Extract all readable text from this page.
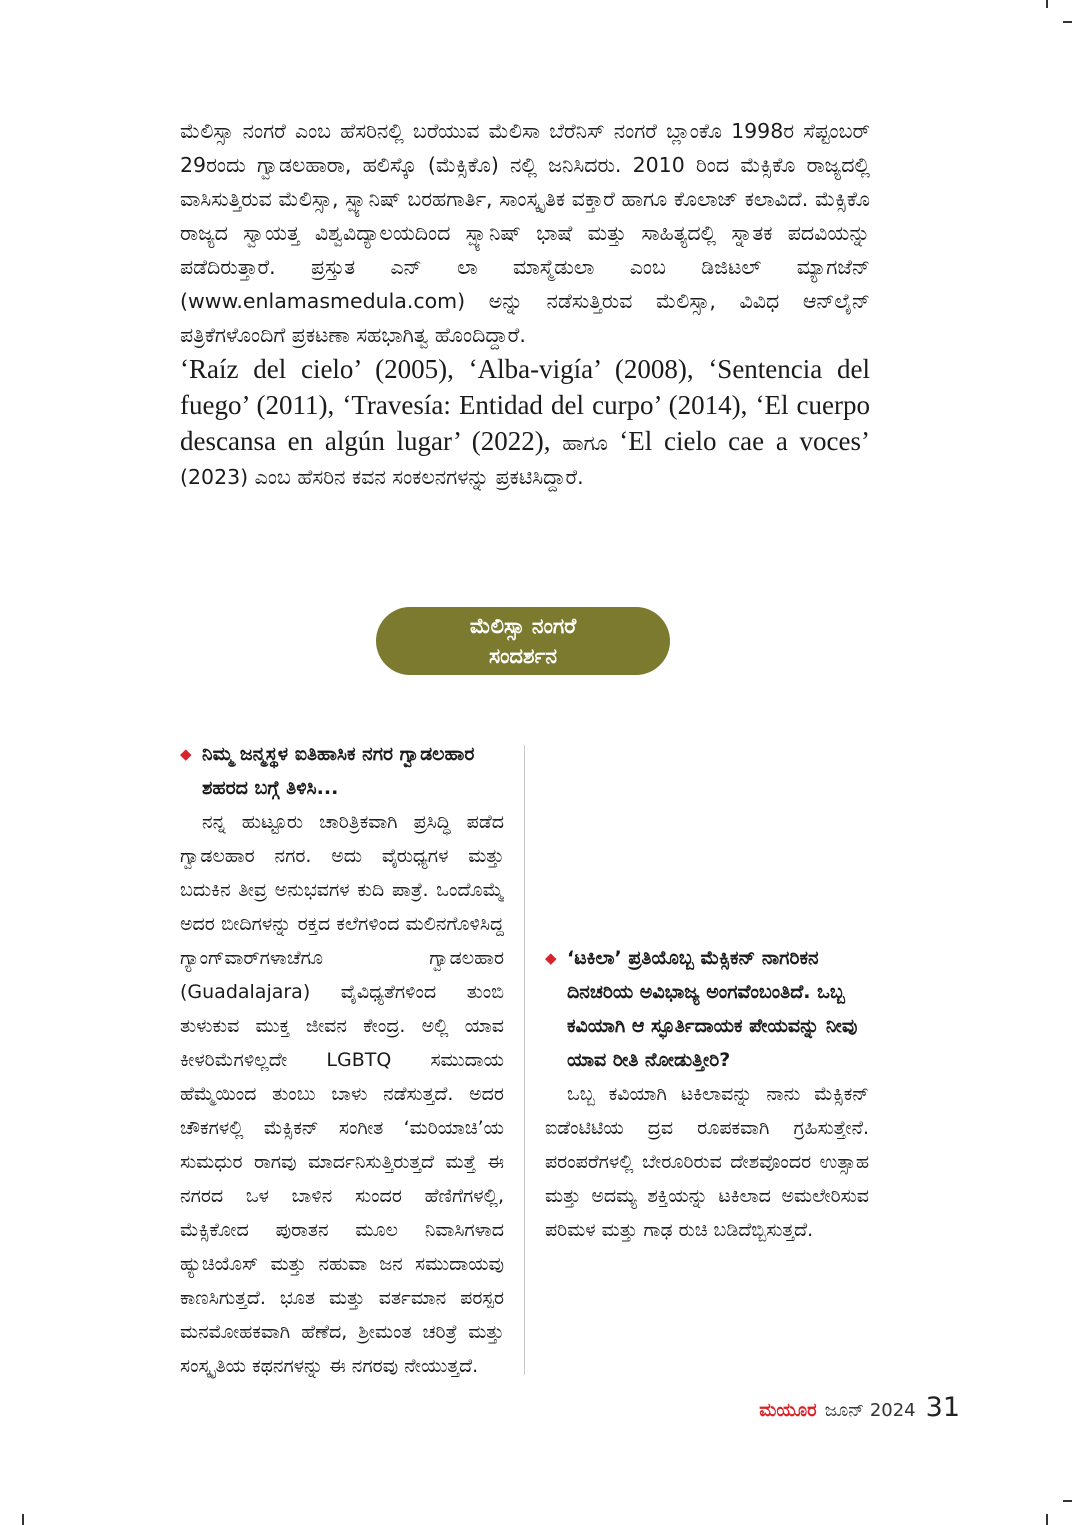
ಮೆಲಿಸ್ಸಾ ನಂಗರೆ ಎಂಬ ಹೆಸರಿನಲ್ಲಿ ಬರೆಯುವ ಮೆಲಿಸಾ ಬೆರೆನಿಸ್ ನಂಗರೆ ಬ್ಲಾಂಕೊ 1998ರ ಸೆಪ್ಟಂಬರ್ 29ರಂದು ಗ್ವಾಡಲಹಾರಾ, ಹಲಿಸ್ಕೊ (ಮೆಕ್ಸಿಕೊ) ನಲ್ಲಿ ಜನಿಸಿದರು. 2010 ರಿಂದ ಮೆಕ್ಸಿಕೊ ರಾಜ್ಯದಲ್ಲಿ ವಾಸಿಸುತ್ತಿರುವ ಮೆಲಿಸ್ಸಾ, ಸ್ಪ್ಯಾನಿಷ್ ಬರಹಗಾರ್ತಿ, ಸಾಂಸ್ಕೃತಿಕ ವಕ್ತಾರೆ ಹಾಗೂ ಕೊಲಾಜ್ ಕಲಾವಿದೆ. ಮೆಕ್ಸಿಕೊ ರಾಜ್ಯದ ಸ್ವಾಯತ್ತ ವಿಶ್ವವಿದ್ಯಾಲಯದಿಂದ ಸ್ಪ್ಯಾನಿಷ್ ಭಾಷೆ ಮತ್ತು ಸಾಹಿತ್ಯದಲ್ಲಿ ಸ್ನಾತಕ ಪದವಿಯನ್ನು ಪಡೆದಿರುತ್ತಾರೆ. ಪ್ರಸ್ತುತ ಎನ್ ಲಾ ಮಾಸ್ಮೆಡುಲಾ ಎಂಬ ಡಿಜಿಟಲ್ ಮ್ಯಾಗಜೆನ್ (www.enlamasmedula.com) ಅನ್ನು ನಡೆಸುತ್ತಿರುವ ಮೆಲಿಸ್ಸಾ, ವಿವಿಧ ಆನ್‌ಲೈನ್ ಪತ್ರಿಕೆಗಳೊಂದಿಗೆ ಪ್ರಕಟಣಾ ಸಹಭಾಗಿತ್ವ ಹೊಂದಿದ್ದಾರೆ.

‘Raíz del cielo’ (2005), ‘Alba-vigía’ (2008), ‘Sentencia del fuego’ (2011), ‘Travesía: Entidad del curpo’ (2014), ‘El cuerpo descansa en algún lugar’ (2022), ಹಾಗೂ ‘El cielo cae a voces’ (2023) ಎಂಬ ಹೆಸರಿನ ಕವನ ಸಂಕಲನಗಳನ್ನು ಪ್ರಕಟಿಸಿದ್ದಾರೆ.

ಮೆಲಿಸ್ಸಾ ನಂಗರೆ
ಸಂದರ್ಶನ
◆ ನಿಮ್ಮ ಜನ್ಮಸ್ಥಳ ಐತಿಹಾಸಿಕ ನಗರ ಗ್ವಾಡಲಹಾರ ಶಹರದ ಬಗ್ಗೆ ತಿಳಿಸಿ...

ನನ್ನ ಹುಟ್ಟೂರು ಚಾರಿತ್ರಿಕವಾಗಿ ಪ್ರಸಿದ್ಧಿ ಪಡೆದ ಗ್ವಾಡಲಹಾರ ನಗರ. ಅದು ವೈರುಧ್ಯಗಳ ಮತ್ತು ಬದುಕಿನ ತೀವ್ರ ಅನುಭವಗಳ ಕುದಿ ಪಾತ್ರೆ. ಒಂದೊಮ್ಮೆ ಅದರ ಬೀದಿಗಳನ್ನು ರಕ್ತದ ಕಲೆಗಳಿಂದ ಮಲಿನಗೊಳಿಸಿದ್ದ ಗ್ಯಾಂಗ್‌ವಾರ್‌ಗಳಾಚೆಗೂ ಗ್ವಾಡಲಹಾರ (Guadalajara) ವೈವಿಧ್ಯತೆಗಳಿಂದ ತುಂಬಿ ತುಳುಕುವ ಮುಕ್ತ ಜೀವನ ಕೇಂದ್ರ. ಅಲ್ಲಿ ಯಾವ ಕೀಳರಿಮೆಗಳಿಲ್ಲದೇ LGBTQ ಸಮುದಾಯ ಹೆಮ್ಮೆಯಿಂದ ತುಂಬು ಬಾಳು ನಡೆಸುತ್ತದೆ. ಅದರ ಚೌಕಗಳಲ್ಲಿ ಮೆಕ್ಸಿಕನ್ ಸಂಗೀತ ‘ಮರಿಯಾಚಿ’ಯ ಸುಮಧುರ ರಾಗವು ಮಾರ್ದನಿಸುತ್ತಿರುತ್ತದೆ ಮತ್ತೆ ಈ ನಗರದ ಒಳ ಬಾಳಿನ ಸುಂದರ ಹೆಣಿಗೆಗಳಲ್ಲಿ, ಮೆಕ್ಸಿಕೋದ ಪುರಾತನ ಮೂಲ ನಿವಾಸಿಗಳಾದ ಹ್ಯುಚಿಯೊಸ್ ಮತ್ತು ನಹುವಾ ಜನ ಸಮುದಾಯವು ಕಾಣಸಿಗುತ್ತದೆ. ಭೂತ ಮತ್ತು ವರ್ತಮಾನ ಪರಸ್ಪರ ಮನಮೋಹಕವಾಗಿ ಹೆಣೆದ, ಶ್ರೀಮಂತ ಚರಿತ್ರೆ ಮತ್ತು ಸಂಸ್ಕೃತಿಯ ಕಥನಗಳನ್ನು ಈ ನಗರವು ನೇಯುತ್ತದೆ.

◆ ‘ಟಕಿಲಾ’ ಪ್ರತಿಯೊಬ್ಬ ಮೆಕ್ಸಿಕನ್ ನಾಗರಿಕನ ದಿನಚರಿಯ ಅವಿಭಾಜ್ಯ ಅಂಗವೆಂಬಂತಿದೆ. ಒಬ್ಬ ಕವಿಯಾಗಿ ಆ ಸ್ಫೂರ್ತಿದಾಯಕ ಪೇಯವನ್ನು ನೀವು ಯಾವ ರೀತಿ ನೋಡುತ್ತೀರಿ?

ಒಬ್ಬ ಕವಿಯಾಗಿ ಟಕಿಲಾವನ್ನು ನಾನು ಮೆಕ್ಸಿಕನ್ ಐಡೆಂಟಿಟಿಯ ದ್ರವ ರೂಪಕವಾಗಿ ಗ್ರಹಿಸುತ್ತೇನೆ. ಪರಂಪರೆಗಳಲ್ಲಿ ಬೇರೂರಿರುವ ದೇಶವೊಂದರ ಉತ್ಸಾಹ ಮತ್ತು ಅದಮ್ಯ ಶಕ್ತಿಯನ್ನು ಟಕಿಲಾದ ಅಮಲೇರಿಸುವ ಪರಿಮಳ ಮತ್ತು ಗಾಢ ರುಚಿ ಬಡಿದೆಬ್ಬಿಸುತ್ತದೆ.

ಮಯೂರ ಜೂನ್ 2024 31
